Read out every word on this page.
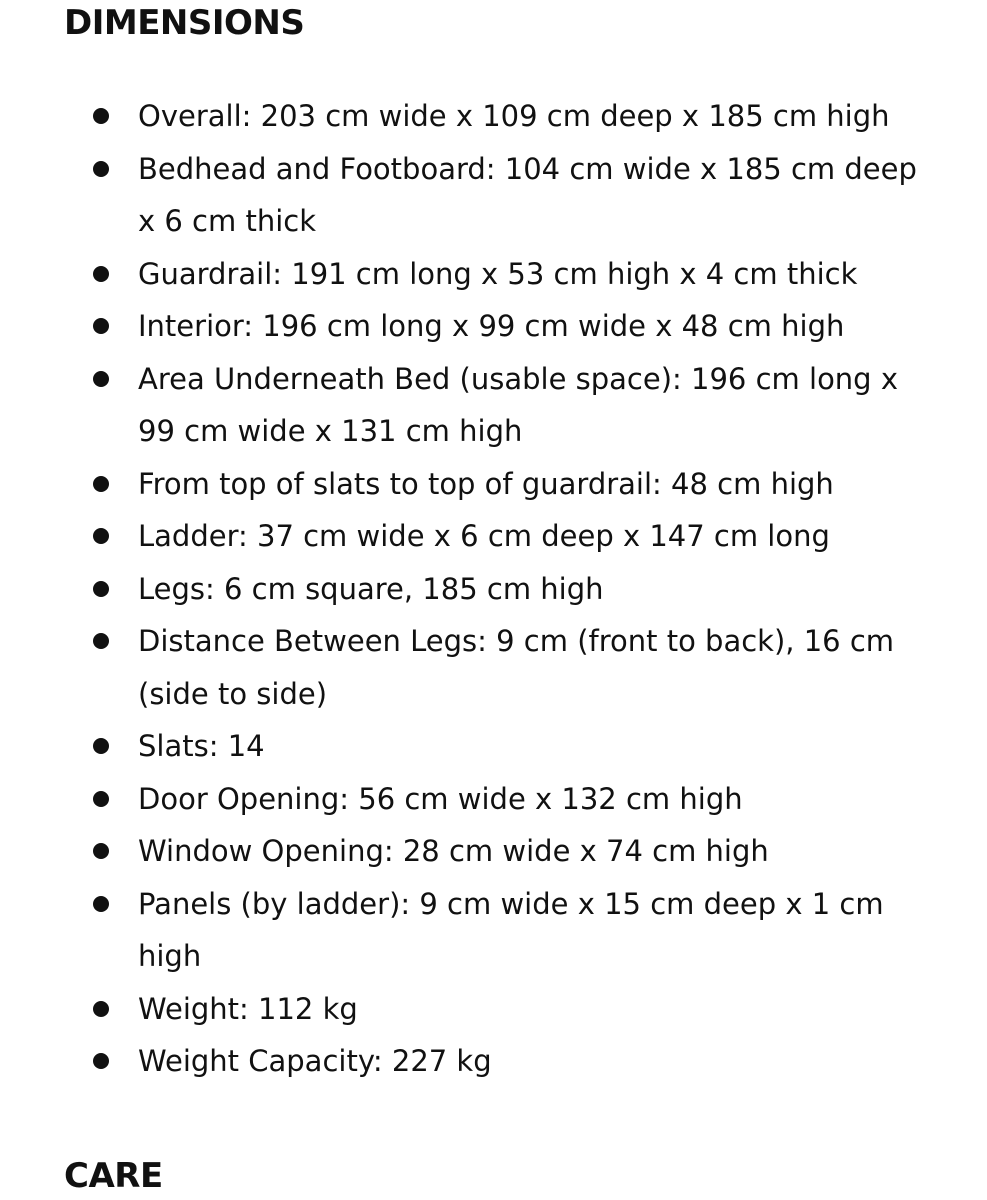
DIMENSIONS
Overall: 203 cm wide x 109 cm deep x 185 cm high
Bedhead and Footboard: 104 cm wide x 185 cm deep x 6 cm thick
Guardrail: 191 cm long x 53 cm high x 4 cm thick
Interior: 196 cm long x 99 cm wide x 48 cm high
Area Underneath Bed (usable space): 196 cm long x 99 cm wide x 131 cm high
From top of slats to top of guardrail: 48 cm high
Ladder: 37 cm wide x 6 cm deep x 147 cm long
Legs: 6 cm square, 185 cm high
Distance Between Legs: 9 cm (front to back), 16 cm (side to side)
Slats: 14
Door Opening: 56 cm wide x 132 cm high
Window Opening: 28 cm wide x 74 cm high
Panels (by ladder): 9 cm wide x 15 cm deep x 1 cm high
Weight: 112 kg
Weight Capacity: 227 kg
CARE
